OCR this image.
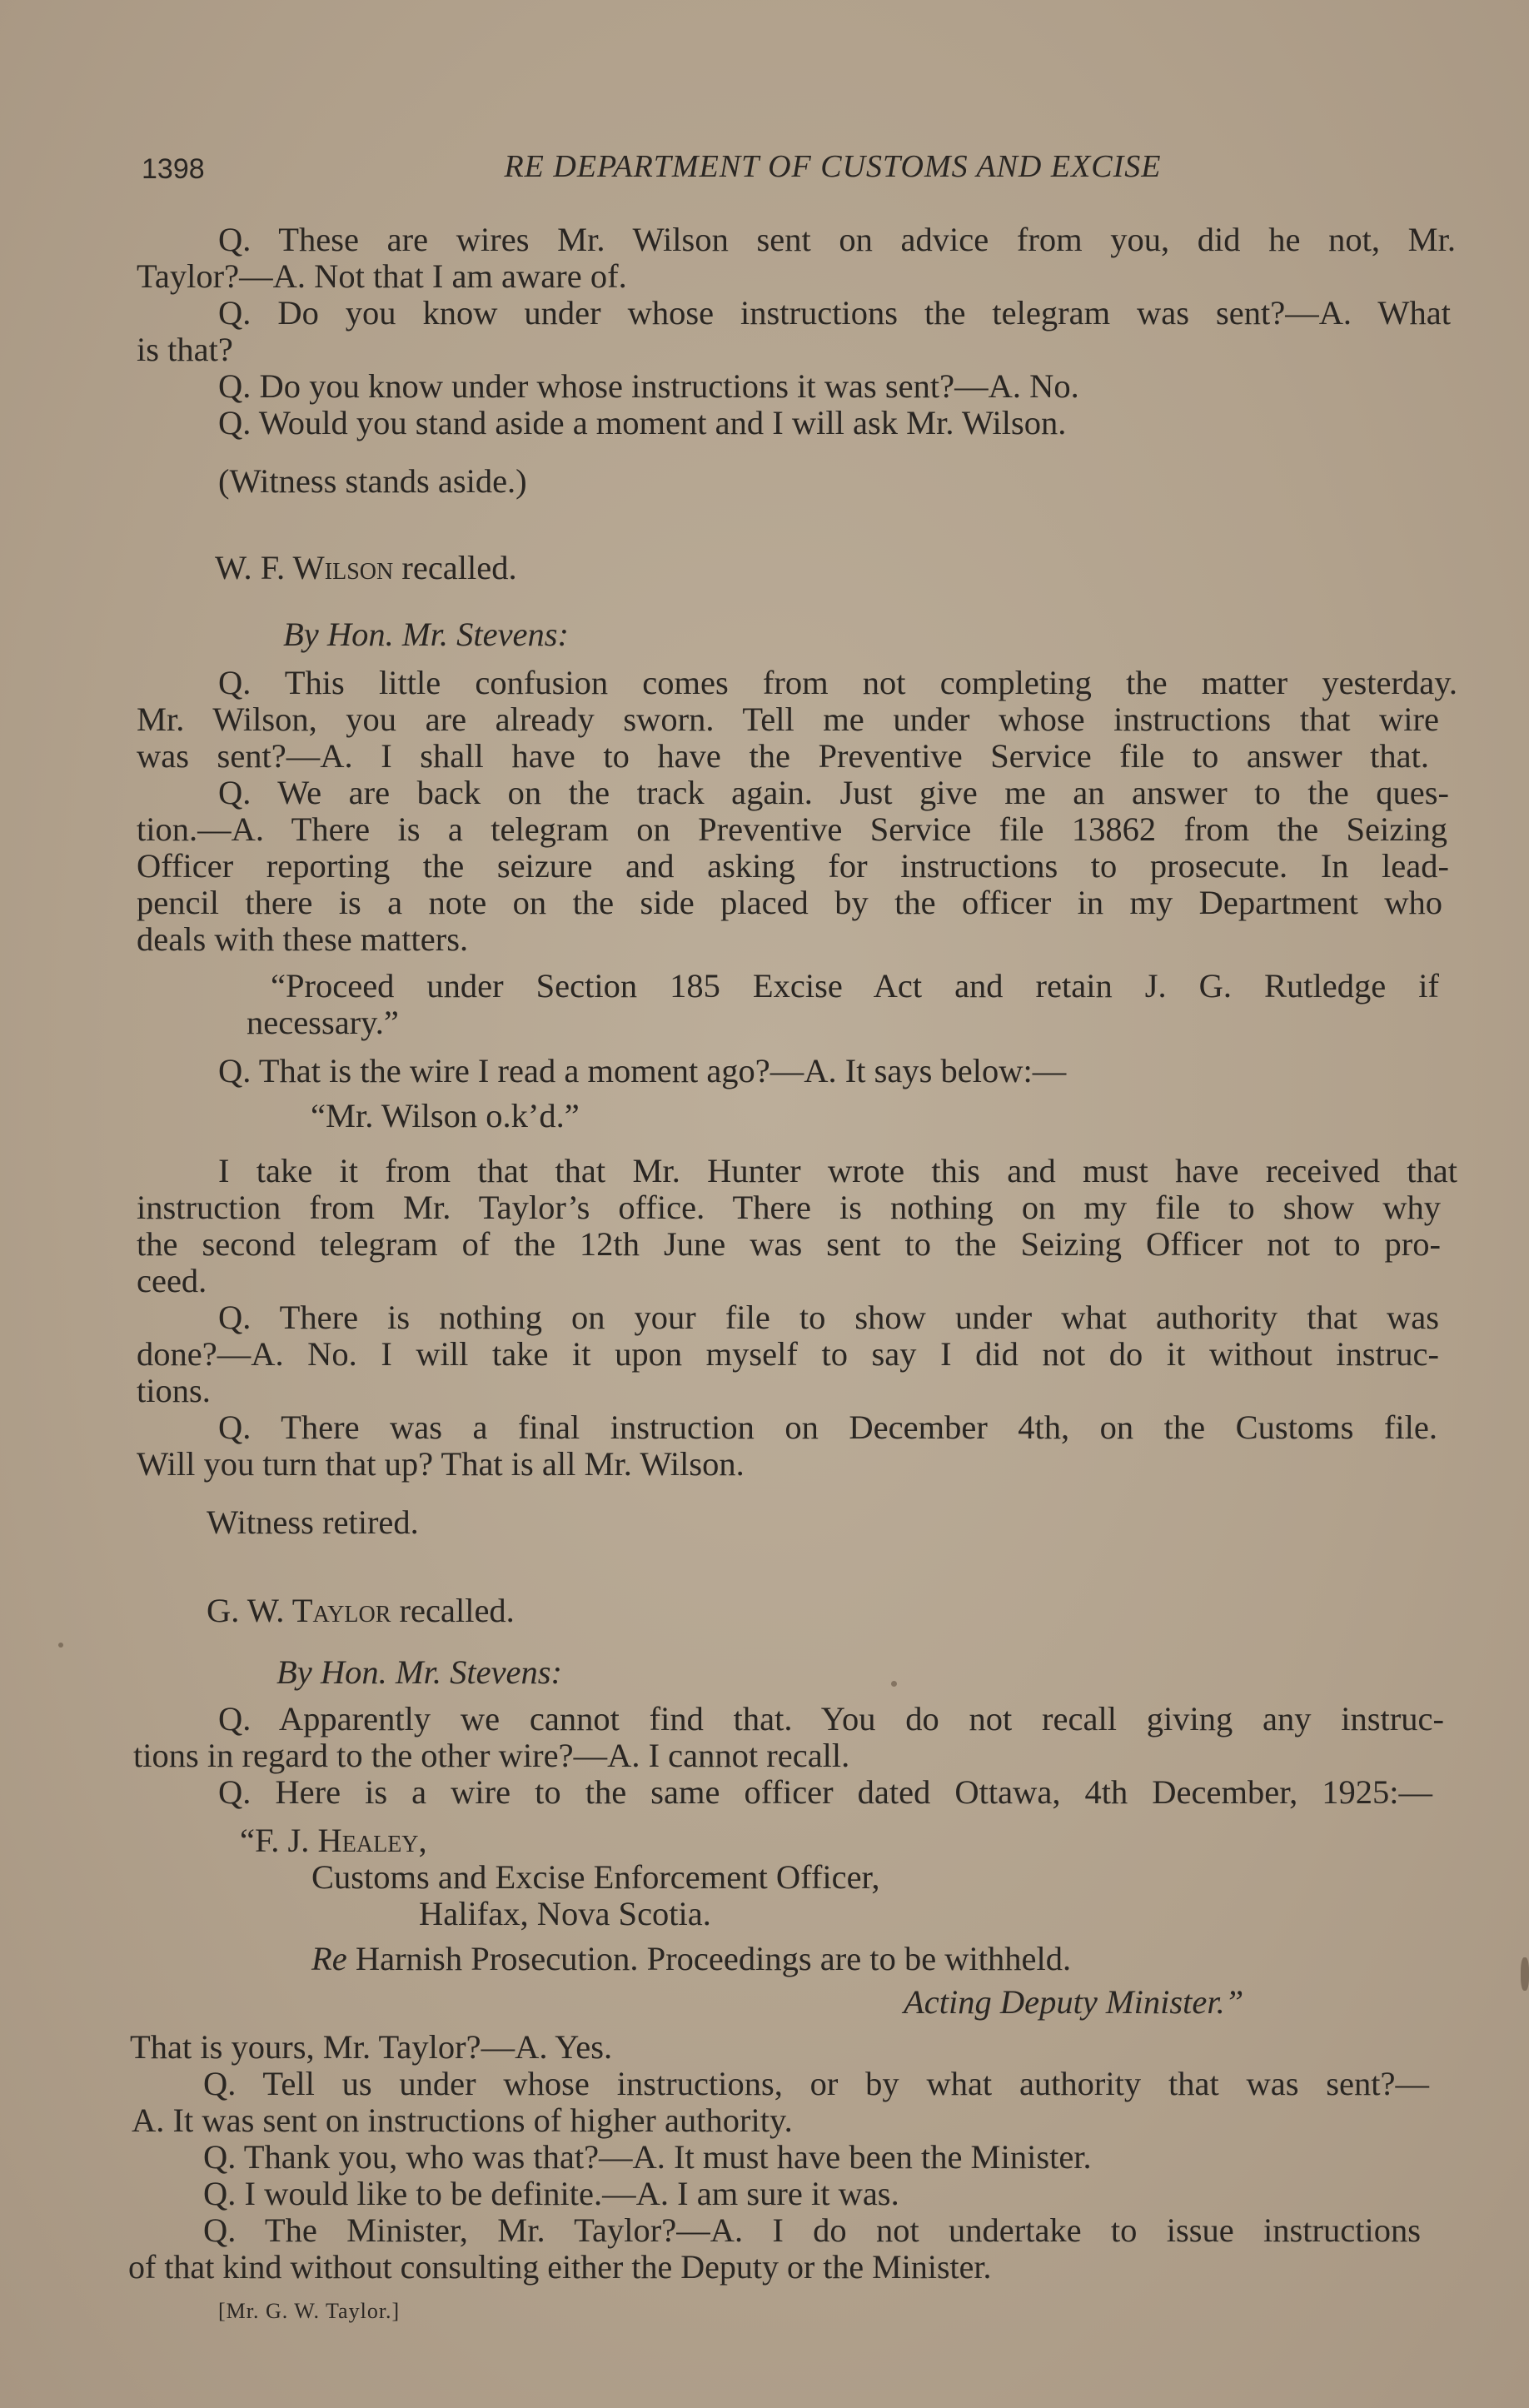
1398	RE DEPARTMENT OF CUSTOMS AND EXCISE
Q. These are wires Mr. Wilson sent on advice from you, did he not, Mr.
Taylor?—A. Not that I am aware of.
Q. Do you know under whose instructions the telegram was sent?—A. What
is that?
Q. Do you know under whose instructions it was sent?—A. No.
Q. Would you stand aside a moment and I will ask Mr. Wilson.
(Witness stands aside.)
W. F. Wilson recalled.
By Hon. Mr. Stevens:
Q. This little confusion comes from not completing the matter yesterday.
Mr. Wilson, you are already sworn. Tell me under whose instructions that wire
was sent?—A. I shall have to have the Preventive Service file to answer that.
Q. We are back on the track again. Just give me an answer to the ques-
tion.—A. There is a telegram on Preventive Service file 13862 from the Seizing
Officer reporting the seizure and asking for instructions to prosecute. In lead-
pencil there is a note on the side placed by the officer in my Department who
deals with these matters.
“Proceed under Section 185 Excise Act and retain J. G. Rutledge if
necessary.”
Q. That is the wire I read a moment ago?—A. It says below:—
“Mr. Wilson o.k’d.”
I take it from that that Mr. Hunter wrote this and must have received that
instruction from Mr. Taylor’s office. There is nothing on my file to show why
the second telegram of the 12th June was sent to the Seizing Officer not to pro-
ceed.
Q. There is nothing on your file to show under what authority that was
done?—A. No. I will take it upon myself to say I did not do it without instruc-
tions.
Q. There was a final instruction on December 4th, on the Customs file.
Will you turn that up? That is all Mr. Wilson.
Witness retired.
G. W. Taylor recalled.
By Hon. Mr. Stevens:
Q. Apparently we cannot find that. You do not recall giving any instruc-
tions in regard to the other wire?—A. I cannot recall.
Q. Here is a wire to the same officer dated Ottawa, 4th December, 1925:—
“F. J. Healey,
Customs and Excise Enforcement Officer,
Halifax, Nova Scotia.
Re Harnish Prosecution. Proceedings are to be withheld.
Acting Deputy Minister.”
That is yours, Mr. Taylor?—A. Yes.
Q. Tell us under whose instructions, or by what authority that was sent?—
A. It was sent on instructions of higher authority.
Q. Thank you, who was that?—A. It must have been the Minister.
Q. I would like to be definite.—A. I am sure it was.
Q. The Minister, Mr. Taylor?—A. I do not undertake to issue instructions
of that kind without consulting either the Deputy or the Minister.
[Mr. G. W. Taylor.]
